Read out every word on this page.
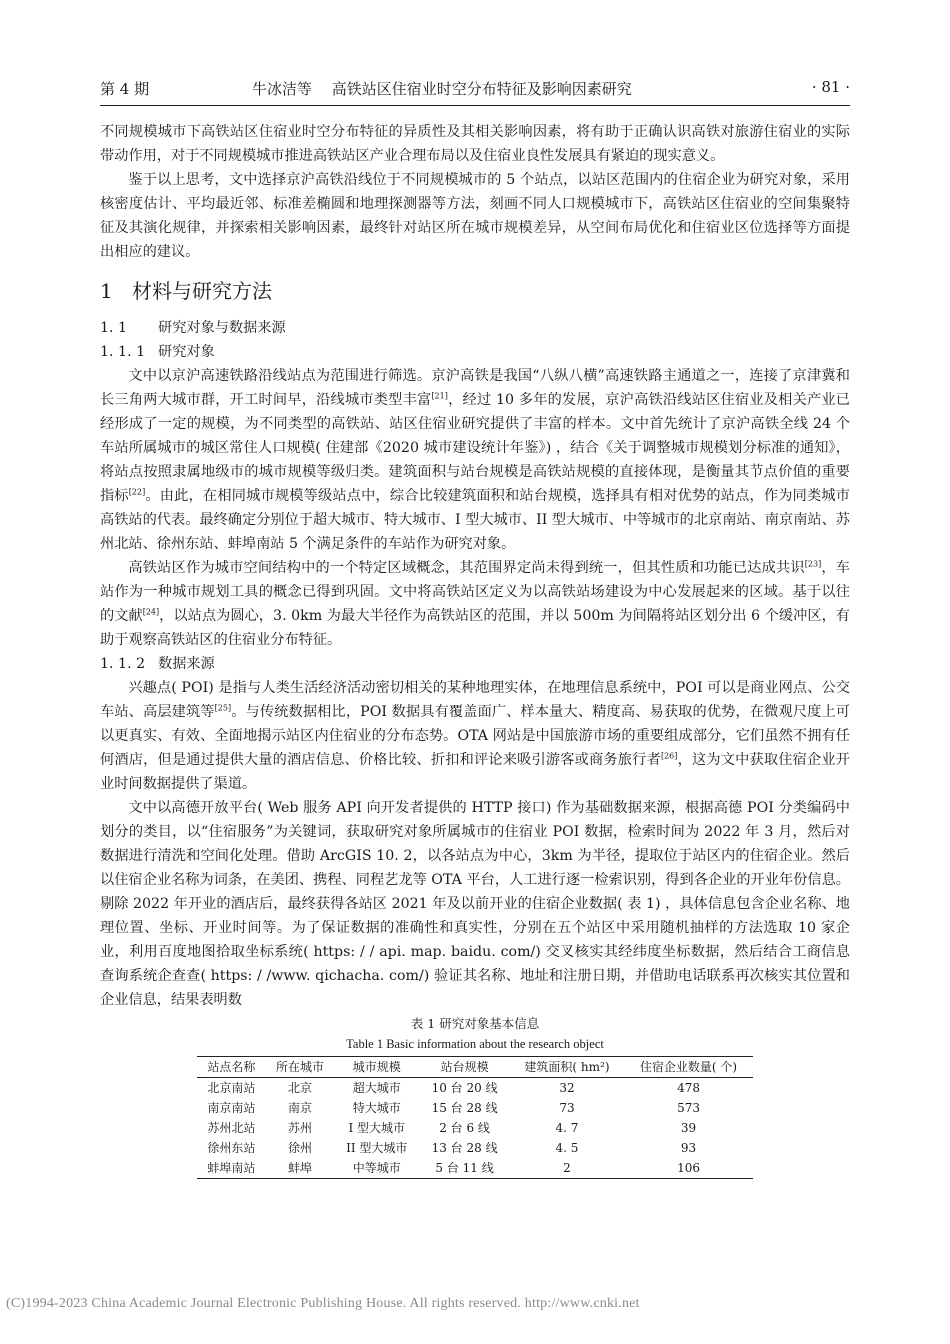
第 4 期	牛冰洁等　 高铁站区住宿业时空分布特征及影响因素研究	· 81 ·

不同规模城市下高铁站区住宿业时空分布特征的异质性及其相关影响因素，将有助于正确认识高铁对旅游住宿业的实际带动作用，对于不同规模城市推进高铁站区产业合理布局以及住宿业良性发展具有紧迫的现实意义。

鉴于以上思考，文中选择京沪高铁沿线位于不同规模城市的 5 个站点，以站区范围内的住宿企业为研究对象，采用核密度估计、平均最近邻、标准差椭圆和地理探测器等方法，刻画不同人口规模城市下，高铁站区住宿业的空间集聚特征及其演化规律，并探索相关影响因素，最终针对站区所在城市规模差异，从空间布局优化和住宿业区位选择等方面提出相应的建议。

1 材料与研究方法
1. 1 研究对象与数据来源
1. 1. 1 研究对象

文中以京沪高速铁路沿线站点为范围进行筛选。京沪高铁是我国“八纵八横”高速铁路主通道之一，连接了京津冀和长三角两大城市群，开工时间早，沿线城市类型丰富[21]，经过 10 多年的发展，京沪高铁沿线站区住宿业及相关产业已经形成了一定的规模，为不同类型的高铁站、站区住宿业研究提供了丰富的样本。文中首先统计了京沪高铁全线 24 个车站所属城市的城区常住人口规模( 住建部《2020 城市建设统计年鉴》) ，结合《关于调整城市规模划分标准的通知》，将站点按照隶属地级市的城市规模等级归类。建筑面积与站台规模是高铁站规模的直接体现，是衡量其节点价值的重要指标[22]。由此，在相同城市规模等级站点中，综合比较建筑面积和站台规模，选择具有相对优势的站点，作为同类城市高铁站的代表。最终确定分别位于超大城市、特大城市、I 型大城市、II 型大城市、中等城市的北京南站、南京南站、苏州北站、徐州东站、蚌埠南站 5 个满足条件的车站作为研究对象。

高铁站区作为城市空间结构中的一个特定区域概念，其范围界定尚未得到统一，但其性质和功能已达成共识[23]，车站作为一种城市规划工具的概念已得到巩固。文中将高铁站区定义为以高铁站场建设为中心发展起来的区域。基于以往的文献[24]，以站点为圆心，3. 0km 为最大半径作为高铁站区的范围，并以 500m 为间隔将站区划分出 6 个缓冲区，有助于观察高铁站区的住宿业分布特征。

1. 1. 2 数据来源

兴趣点( POI) 是指与人类生活经济活动密切相关的某种地理实体，在地理信息系统中，POI 可以是商业网点、公交车站、高层建筑等[25]。与传统数据相比，POI 数据具有覆盖面广、样本量大、精度高、易获取的优势，在微观尺度上可以更真实、有效、全面地揭示站区内住宿业的分布态势。OTA 网站是中国旅游市场的重要组成部分，它们虽然不拥有任何酒店，但是通过提供大量的酒店信息、价格比较、折扣和评论来吸引游客或商务旅行者[26]，这为文中获取住宿企业开业时间数据提供了渠道。

文中以高德开放平台( Web 服务 API 向开发者提供的 HTTP 接口) 作为基础数据来源，根据高德 POI 分类编码中划分的类目，以“住宿服务”为关键词，获取研究对象所属城市的住宿业 POI 数据，检索时间为 2022 年 3 月，然后对数据进行清洗和空间化处理。借助 ArcGIS 10. 2，以各站点为中心，3km 为半径，提取位于站区内的住宿企业。然后以住宿企业名称为词条，在美团、携程、同程艺龙等 OTA 平台，人工进行逐一检索识别，得到各企业的开业年份信息。剔除 2022 年开业的酒店后，最终获得各站区 2021 年及以前开业的住宿企业数据( 表 1) ，具体信息包含企业名称、地理位置、坐标、开业时间等。为了保证数据的准确性和真实性，分别在五个站区中采用随机抽样的方法选取 10 家企业，利用百度地图拾取坐标系统( https: / / api. map. baidu. com/) 交叉核实其经纬度坐标数据，然后结合工商信息查询系统企查查( https: / /www. qichacha. com/) 验证其名称、地址和注册日期，并借助电话联系再次核实其位置和企业信息，结果表明数

表 1 研究对象基本信息
Table 1 Basic information about the research object
站点名称	所在城市	城市规模	站台规模	建筑面积( hm²)	住宿企业数量( 个)
北京南站	北京	超大城市	10 台 20 线	32	478
南京南站	南京	特大城市	15 台 28 线	73	573
苏州北站	苏州	I 型大城市	2 台 6 线	4. 7	39
徐州东站	徐州	II 型大城市	13 台 28 线	4. 5	93
蚌埠南站	蚌埠	中等城市	5 台 11 线	2	106
(C)1994-2023 China Academic Journal Electronic Publishing House. All rights reserved. http://www.cnki.net
